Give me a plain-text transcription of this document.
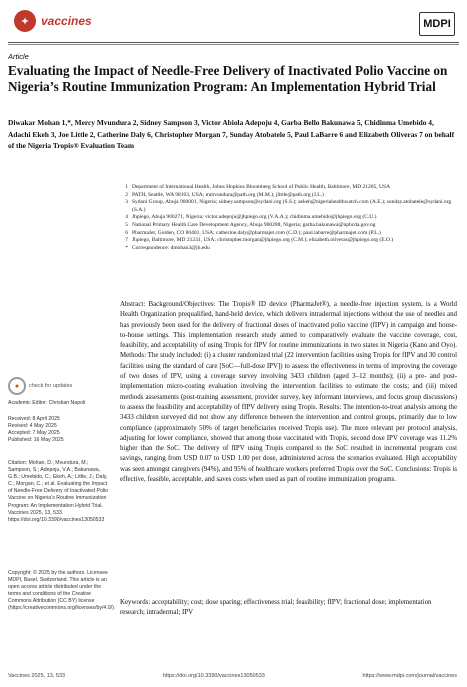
✦ vaccines	MDPI
Article
Evaluating the Impact of Needle-Free Delivery of Inactivated Polio Vaccine on Nigeria’s Routine Immunization Program: An Implementation Hybrid Trial
Diwakar Mohan 1,*, Mercy Mvundura 2, Sidney Sampson 3, Victor Abiola Adepoju 4, Garba Bello Bakunawa 5, Chidinma Umebido 4, Adachi Ekeh 3, Joe Little 2, Catherine Daly 6, Christopher Morgan 7, Sunday Atobatele 5, Paul LaBarre 6 and Elizabeth Oliveras 7 on behalf of the Nigeria Tropis® Evaluation Team
1 Department of International Health, Johns Hopkins Bloomberg School of Public Health, Baltimore, MD 21205, USA
2 PATH, Seattle, WA 98103, USA; mmvundura@path.org (M.M.); jlittle@path.org (J.L.)
3 Sydani Group, Abuja 900001, Nigeria; sidney.sampson@sydani.org (S.S.); aekeh@nigeriahealthwatch.com (A.E.); sunday.atobatele@sydani.org (S.A.)
4 Jhpiego, Abuja 900271, Nigeria; victor.adepoju@jhpiego.org (V.A.A.); chidinma.umebido@jhpiego.org (C.U.)
5 National Primary Health Care Development Agency, Abuja 900288, Nigeria; garba.bakunawa@nphcda.gov.ng
6 PharmaJet, Golden, CO 80401, USA; catherine.daly@pharmajet.com (C.D.); paul.labarre@pharmajet.com (P.L.)
7 Jhpiego, Baltimore, MD 21231, USA; christopher.morgan@jhpiego.org (C.M.); elizabeth.oliveras@jhpiego.org (E.O.)
* Correspondence: dmohan3@jh.edu
●	check for updates
Academic Editor: Christian Napoli
Received: 8 April 2025
Revised: 4 May 2025
Accepted: 7 May 2025
Published: 16 May 2025
Citation: Mohan, D.; Mvundura, M.; Sampson, S.; Adepoju, V.A.; Bakunawa, G.B.; Umebido, C.; Ekeh, A.; Little, J.; Daly, C.; Morgan, C.; et al. Evaluating the Impact of Needle-Free Delivery of Inactivated Polio Vaccine on Nigeria’s Routine Immunization Program: An Implementation Hybrid Trial. Vaccines 2025, 13, 533. https://doi.org/10.3390/vaccines13050533
Copyright: © 2025 by the authors. Licensee MDPI, Basel, Switzerland. This article is an open access article distributed under the terms and conditions of the Creative Commons Attribution (CC BY) license (https://creativecommons.org/licenses/by/4.0/).
Abstract: Background/Objectives: The Tropis® ID device (PharmaJet®), a needle-free injection system, is a World Health Organization prequalified, hand-held device, which delivers intradermal injections without the use of needles and has previously been used for the delivery of fractional doses of inactivated polio vaccine (fIPV) in campaign and house-to-house settings. This implementation research study aimed to comparatively evaluate the vaccine coverage, cost, feasibility, and acceptability of using Tropis for fIPV for routine immunizations in two states in Nigeria (Kano and Oyo). Methods: The study included: (i) a cluster randomized trial (22 intervention facilities using Tropis for fIPV and 30 control facilities using the standard of care [SoC—full-dose IPV]) to assess the effectiveness in terms of improving the coverage of two doses of IPV, using a coverage survey involving 3433 children (aged 3–12 months); (ii) a pre- and post-implementation micro-costing evaluation involving the intervention facilities to estimate the costs; and (iii) mixed methods assessments (post-training assessment, provider survey, key informant interviews, and focus group discussions) to assess the feasibility and acceptability of fIPV delivery using Tropis. Results: The intention-to-treat analysis among the 3433 children surveyed did not show any difference between the intervention and control groups, primarily due to low compliance (approximately 50% of target beneficiaries received Tropis use). The more relevant per protocol analysis, adjusting for lower compliance, showed that among those vaccinated with Tropis, second dose IPV coverage was 11.2% higher than the SoC. The delivery of fIPV using Tropis compared to the SoC resulted in incremental program cost savings, ranging from USD 0.07 to USD 1.00 per dose, administered across the scenarios evaluated. High acceptability was seen amongst caregivers (94%), and 95% of healthcare workers preferred Tropis over the SoC. Conclusions: Tropis is effective, feasible, acceptable, and saves costs when used as part of routine immunization programs.
Keywords: acceptability; cost; dose sparing; effectiveness trial; feasibility; fIPV; fractional dose; implementation research; intradermal; IPV
Vaccines 2025, 13, 533	https://doi.org/10.3390/vaccines13050533	https://www.mdpi.com/journal/vaccines
